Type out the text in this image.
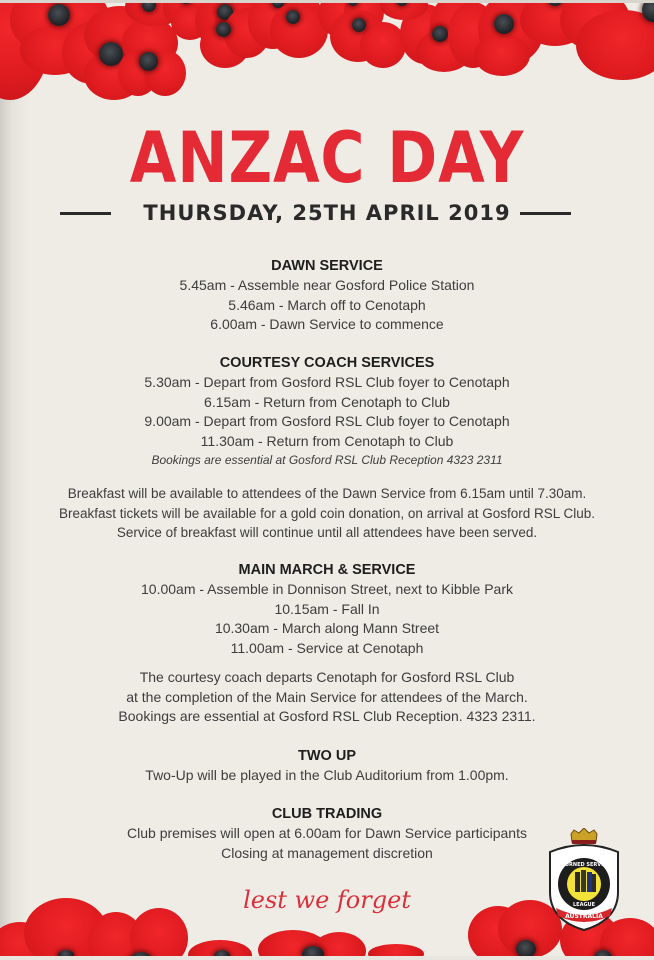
ANZAC DAY
THURSDAY, 25TH APRIL 2019
DAWN SERVICE
5.45am - Assemble near Gosford Police Station
5.46am - March off to Cenotaph
6.00am - Dawn Service to commence
COURTESY COACH SERVICES
5.30am - Depart from Gosford RSL Club foyer to Cenotaph
6.15am - Return from Cenotaph to Club
9.00am - Depart from Gosford RSL Club foyer to Cenotaph
11.30am - Return from Cenotaph to Club
Bookings are essential at Gosford RSL Club Reception 4323 2311
Breakfast will be available to attendees of the Dawn Service from 6.15am until 7.30am.
Breakfast tickets will be available for a gold coin donation, on arrival at Gosford RSL Club.
Service of breakfast will continue until all attendees have been served.
MAIN MARCH & SERVICE
10.00am - Assemble in Donnison Street, next to Kibble Park
10.15am - Fall In
10.30am - March along Mann Street
11.00am - Service at Cenotaph
The courtesy coach departs Cenotaph for Gosford RSL Club
at the completion of the Main Service for attendees of the March.
Bookings are essential at Gosford RSL Club Reception. 4323 2311.
TWO UP
Two-Up will be played in the Club Auditorium from 1.00pm.
CLUB TRADING
Club premises will open at 6.00am for Dawn Service participants
Closing at management discretion
lest we forget
AUSTRALIA
RETURNED SERVICES
LEAGUE
